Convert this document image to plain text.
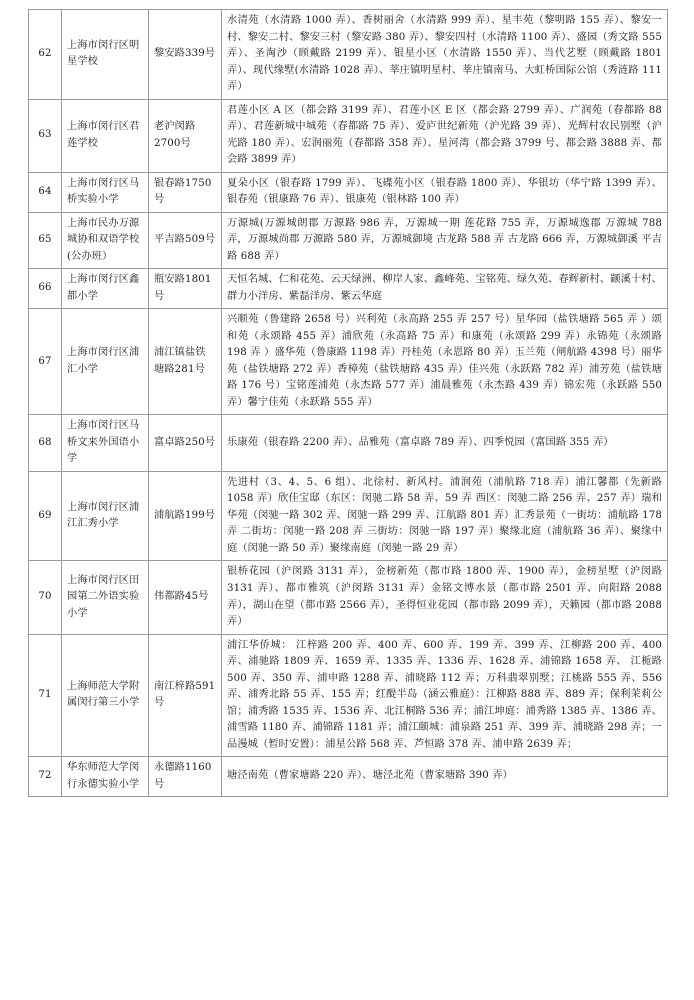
62	上海市闵行区明星学校	黎安路339号	水清苑（水清路 1000 弄）、香树丽舍（水清路 999 弄）、星丰苑（黎明路 155 弄）、黎安一村、黎安二村、黎安三村（黎安路 380 弄）、黎安四村（水清路 1100 弄）、盛园（秀文路 555 弄）、圣淘沙（顾戴路 2199 弄）、银星小区（水清路 1550 弄）、当代艺墅（顾戴路 1801 弄）、现代缘墅(水清路 1028 弄）、莘庄镇明星村、莘庄镇南马、大虹桥国际公馆（秀涟路 111 弄）
63	上海市闵行区君莲学校	老沪闵路2700号	君莲小区 A 区（都会路 3199 弄）、君莲小区 E 区（都会路 2799 弄）、广润苑（春都路 88 弄）、君莲新城中城苑（春都路 75 弄）、爱庐世纪新苑（沪光路 39 弄）、光辉村农民别墅（沪光路 180 弄）、宏润丽苑（春都路 358 弄）、星河湾（都会路 3799 号、都会路 3888 弄、都会路 3899 弄）
64	上海市闵行区马桥实验小学	银春路1750号	夏朵小区（银春路 1799 弄）、飞碟苑小区（银春路 1800 弄）、华银坊（华宁路 1399 弄）、银春苑（银康路 76 弄）、银康苑（银林路 100 弄）
65	上海市民办万源城协和双语学校(公办班）	平吉路509号	万源城(万源城朗郡 万源路 986 弄，万源城一期 莲花路 755 弄，万源城逸郡 万源城 788 弄，万源城尚郡 万源路 580 弄，万源城御境 古龙路 588 弄 古龙路 666 弄，万源城御溪 平吉路 688 弄）
66	上海市闵行区鑫都小学	瓶安路1801号	天恒名城、仁和花苑、云天绿洲、柳岸人家、鑫峰苑、宝铭苑、绿久苑、春辉新村、颛溪十村、群力小洋房、紫磊洋房、紫云华庭
67	上海市闵行区浦汇小学	浦江镇盐铁塘路281号	兴顺苑（鲁建路 2658 号）兴利苑（永高路 255 弄 257 号）星华园（盐铁塘路 565 弄 ）颂和苑（永颂路 455 弄）浦欣苑（永高路 75 弄）和康苑（永颂路 299 弄）永锦苑（永颂路 198 弄 ）盛华苑（鲁康路 1198 弄）丹桂苑（永恩路 80 弄）玉兰苑（闸航路 4398 号）丽华苑（盐铁塘路 272 弄）香樟苑（盐铁塘路 435 弄）佳兴苑（永跃路 782 弄）浦芳苑（盐铁塘路 176 号）宝铭莲浦苑（永杰路 577 弄）浦晨雅苑（永杰路 439 弄）锦宏苑（永跃路 550 弄）馨宁佳苑（永跃路 555 弄）
68	上海市闵行区马桥文来外国语小学	富卓路250号	乐康苑（银春路 2200 弄）、品雅苑（富卓路 789 弄）、四季悦园（富国路 355 弄）
69	上海市闵行区浦江汇秀小学	浦航路199号	先进村（3、4、5、6 组）、北徐村、新风村。浦润苑（浦航路 718 弄）浦江馨都（先新路 1058 弄）欣佳宝邸（东区：闵驰二路 58 弄、59 弄 西区：闵驰二路 256 弄、257 弄）瑞和华苑（闵驰一路 302 弄、闵驰一路 299 弄、江航路 801 弄）汇秀景苑（一街坊：浦航路 178 弄 二街坊：闵驰一路 208 弄 三街坊：闵驰一路 197 弄）聚缘北庭（浦航路 36 弄）、聚缘中庭（闵驰一路 50 弄）聚缘南庭（闵驰一路 29 弄）
70	上海市闵行区田园第二外语实验小学	伟都路45号	银桥花园（沪闵路 3131 弄），金榜新苑（都市路 1800 弄、1900 弄），金榜星墅（沪闵路 3131 弄）、都市雅筑（沪闵路 3131 弄）金铭文博水景（都市路 2501 弄、向阳路 2088 弄），湖山在望（都市路 2566 弄），圣得恒业花园（都市路 2099 弄），天籁园（都市路 2088 弄）
71	上海师范大学附属闵行第三小学	南江梓路591号	浦江华侨城： 江梓路 200 弄、400 弄、600 弄、199 弄、399 弄、江柳路 200 弄、400 弄、浦驰路 1809 弄、1659 弄、1335 弄、1336 弄、1628 弄、浦锦路 1658 弄、 江栀路 500 弄、350 弄、浦申路 1288 弄、浦晓路 112 弄；万科翡翠别墅；江桃路 555 弄、556 弄、浦秀北路 55 弄、155 弄；红醍半岛（涵云雅庭）：江柳路 888 弄、889 弄；保利茉莉公馆；浦秀路 1535 弄、1536 弄、北江桐路 536 弄；浦江坤庭：浦秀路 1385 弄、1386 弄、浦雪路 1180 弄、浦锦路 1181 弄；浦江颐城：浦泉路 251 弄、399 弄、浦晓路 298 弄；一品漫城（暂时安置）：浦星公路 568 弄、芦恒路 378 弄、浦申路 2639 弄；
72	华东师范大学闵行永德实验小学	永德路1160号	塘泾南苑（曹家塘路 220 弄）、塘泾北苑（曹家塘路 390 弄）
